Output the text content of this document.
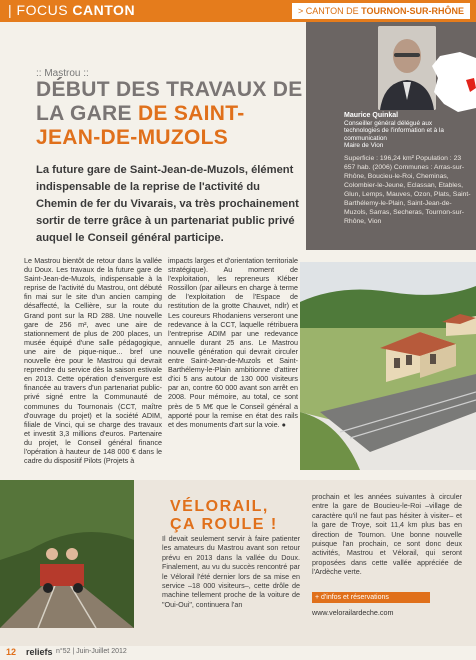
| FOCUS CANTON	> CANTON DE TOURNON-SUR-RHÔNE
:: Mastrou ::
DÉBUT DES TRAVAUX DE LA GARE DE SAINT-JEAN-DE-MUZOLS

La future gare de Saint-Jean-de-Muzols, élément indispensable de la reprise de l'activité du Chemin de fer du Vivarais, va très prochainement sortir de terre grâce à un partenariat public privé auquel le Conseil général participe.

Maurice Quinkal
Conseiller général délégué aux technologies de l'information et à la communication
Maire de Vion
Superficie : 196,24 km² Population : 23 657 hab. (2006) Communes : Arras-sur-Rhône, Boucieu-le-Roi, Cheminas, Colombier-le-Jeune, Eclassan, Etables, Glun, Lemps, Mauves, Ozon, Plats, Saint-Barthélemy-le-Plain, Saint-Jean-de-Muzols, Sarras, Secheras, Tournon-sur-Rhône, Vion
Le Mastrou bientôt de retour dans la vallée du Doux. Les travaux de la future gare de Saint-Jean-de-Muzols, indispensable à la reprise de l'activité du Mastrou, ont débuté fin mai sur le site d'un ancien camping désaffecté, la Cellière, sur la route du Grand pont sur la RD 288. Une nouvelle gare de 256 m², avec une aire de stationnement de plus de 200 places, un musée équipé d'une salle pédagogique, une aire de pique-nique... bref une nouvelle ère pour le Mastrou qui devrait reprendre du service dès la saison estivale en 2013. Cette opération d'envergure est financée au travers d'un partenariat public-privé signé entre la Communauté de communes du Tournonais (CCT, maître d'ouvrage du projet) et la société ADIM, filiale de Vinci, qui se charge des travaux et investit 3,3 millions d'euros. Partenaire du projet, le Conseil général finance l'opération à hauteur de 148 000 € dans le cadre du dispositif Pilots (Projets à
impacts larges et d'orientation territoriale stratégique). Au moment de l'exploitation, les repreneurs Kléber Rossillon (par ailleurs en charge à terme de l'exploitation de l'Espace de restitution de la grotte Chauvet, ndlr) et Les coureurs Rhodaniens verseront une redevance à la CCT, laquelle rétribuera l'entreprise ADIM par une redevance annuelle durant 25 ans. Le Mastrou nouvelle génération qui devrait circuler entre Saint-Jean-de-Muzols et Saint-Barthélemy-le-Plain ambitionne d'attirer d'ici 5 ans autour de 130 000 visiteurs par an, contre 60 000 avant son arrêt en 2008. Pour mémoire, au total, ce sont près de 5 M€ que le Conseil général a apporté pour la remise en état des rails et des monuments d'art sur la voie. ●
VÉLORAIL,
ÇA ROULE !

Il devait seulement servir à faire patienter les amateurs du Mastrou avant son retour prévu en 2013 dans la vallée du Doux. Finalement, au vu du succès rencontré par le Vélorail l'été dernier lors de sa mise en service –18 000 visiteurs–, cette drôle de machine tellement proche de la voiture de "Oui-Oui", continuera l'an

prochain et les années suivantes à circuler entre la gare de Boucieu-le-Roi –village de caractère qu'il ne faut pas hésiter à visiter– et la gare de Troye, soit 11,4 km plus bas en direction de Tournon. Une bonne nouvelle puisque l'an prochain, ce sont donc deux activités, Mastrou et Vélorail, qui seront proposées dans cette vallée appréciée de l'Ardèche verte.

+ d'infos et réservations
www.velorailardeche.com
12 reliefs n°52 | Juin-Juillet 2012
